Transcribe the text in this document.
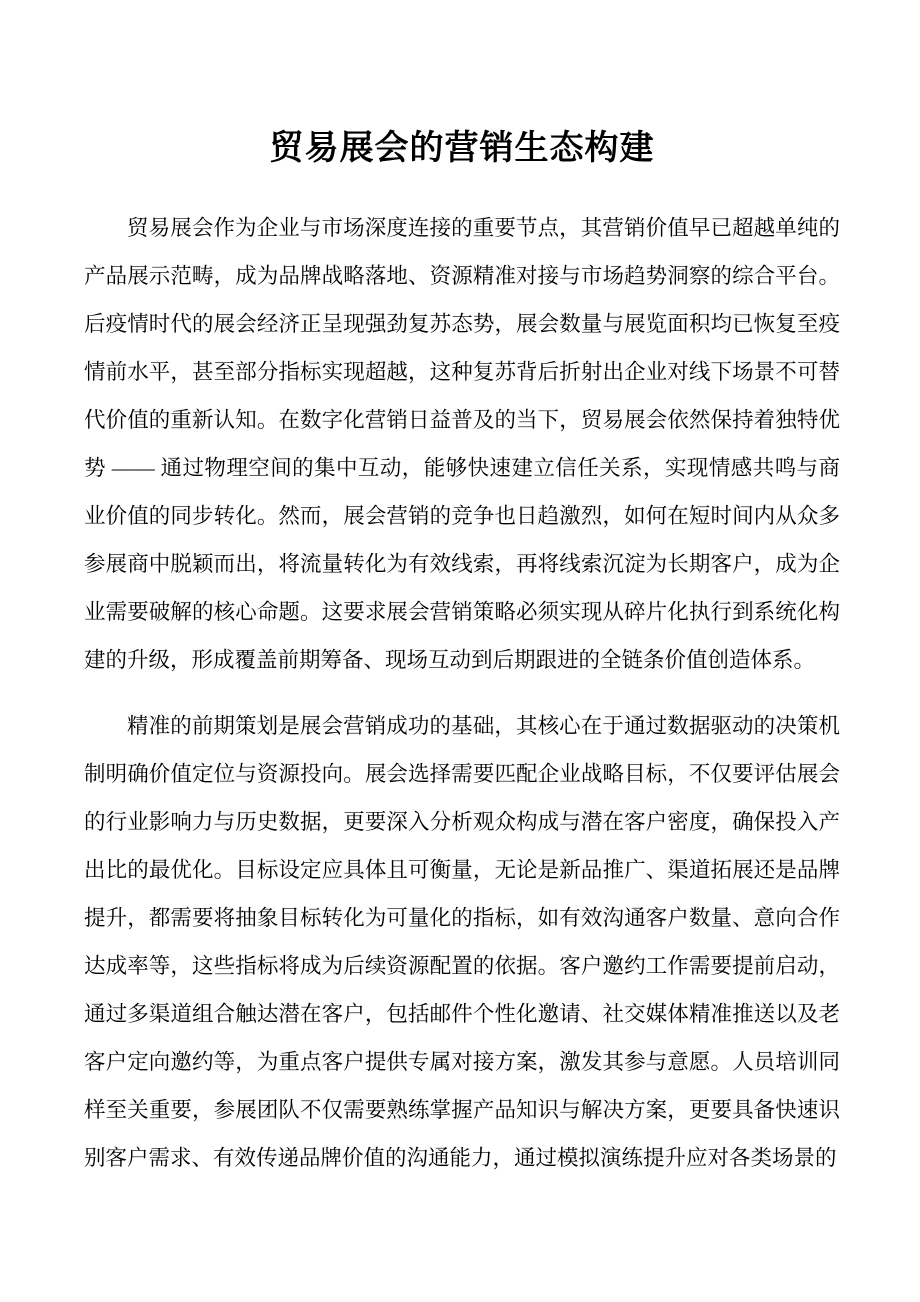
贸易展会的营销生态构建

贸易展会作为企业与市场深度连接的重要节点，其营销价值早已超越单纯的产品展示范畴，成为品牌战略落地、资源精准对接与市场趋势洞察的综合平台。后疫情时代的展会经济正呈现强劲复苏态势，展会数量与展览面积均已恢复至疫情前水平，甚至部分指标实现超越，这种复苏背后折射出企业对线下场景不可替代价值的重新认知。在数字化营销日益普及的当下，贸易展会依然保持着独特优势 —— 通过物理空间的集中互动，能够快速建立信任关系，实现情感共鸣与商业价值的同步转化。然而，展会营销的竞争也日趋激烈，如何在短时间内从众多参展商中脱颖而出，将流量转化为有效线索，再将线索沉淀为长期客户，成为企业需要破解的核心命题。这要求展会营销策略必须实现从碎片化执行到系统化构建的升级，形成覆盖前期筹备、现场互动到后期跟进的全链条价值创造体系。

精准的前期策划是展会营销成功的基础，其核心在于通过数据驱动的决策机制明确价值定位与资源投向。展会选择需要匹配企业战略目标，不仅要评估展会的行业影响力与历史数据，更要深入分析观众构成与潜在客户密度，确保投入产出比的最优化。目标设定应具体且可衡量，无论是新品推广、渠道拓展还是品牌提升，都需要将抽象目标转化为可量化的指标，如有效沟通客户数量、意向合作达成率等，这些指标将成为后续资源配置的依据。客户邀约工作需要提前启动，通过多渠道组合触达潜在客户，包括邮件个性化邀请、社交媒体精准推送以及老客户定向邀约等，为重点客户提供专属对接方案，激发其参与意愿。人员培训同样至关重要，参展团队不仅需要熟练掌握产品知识与解决方案，更要具备快速识别客户需求、有效传递品牌价值的沟通能力，通过模拟演练提升应对各类场景的
